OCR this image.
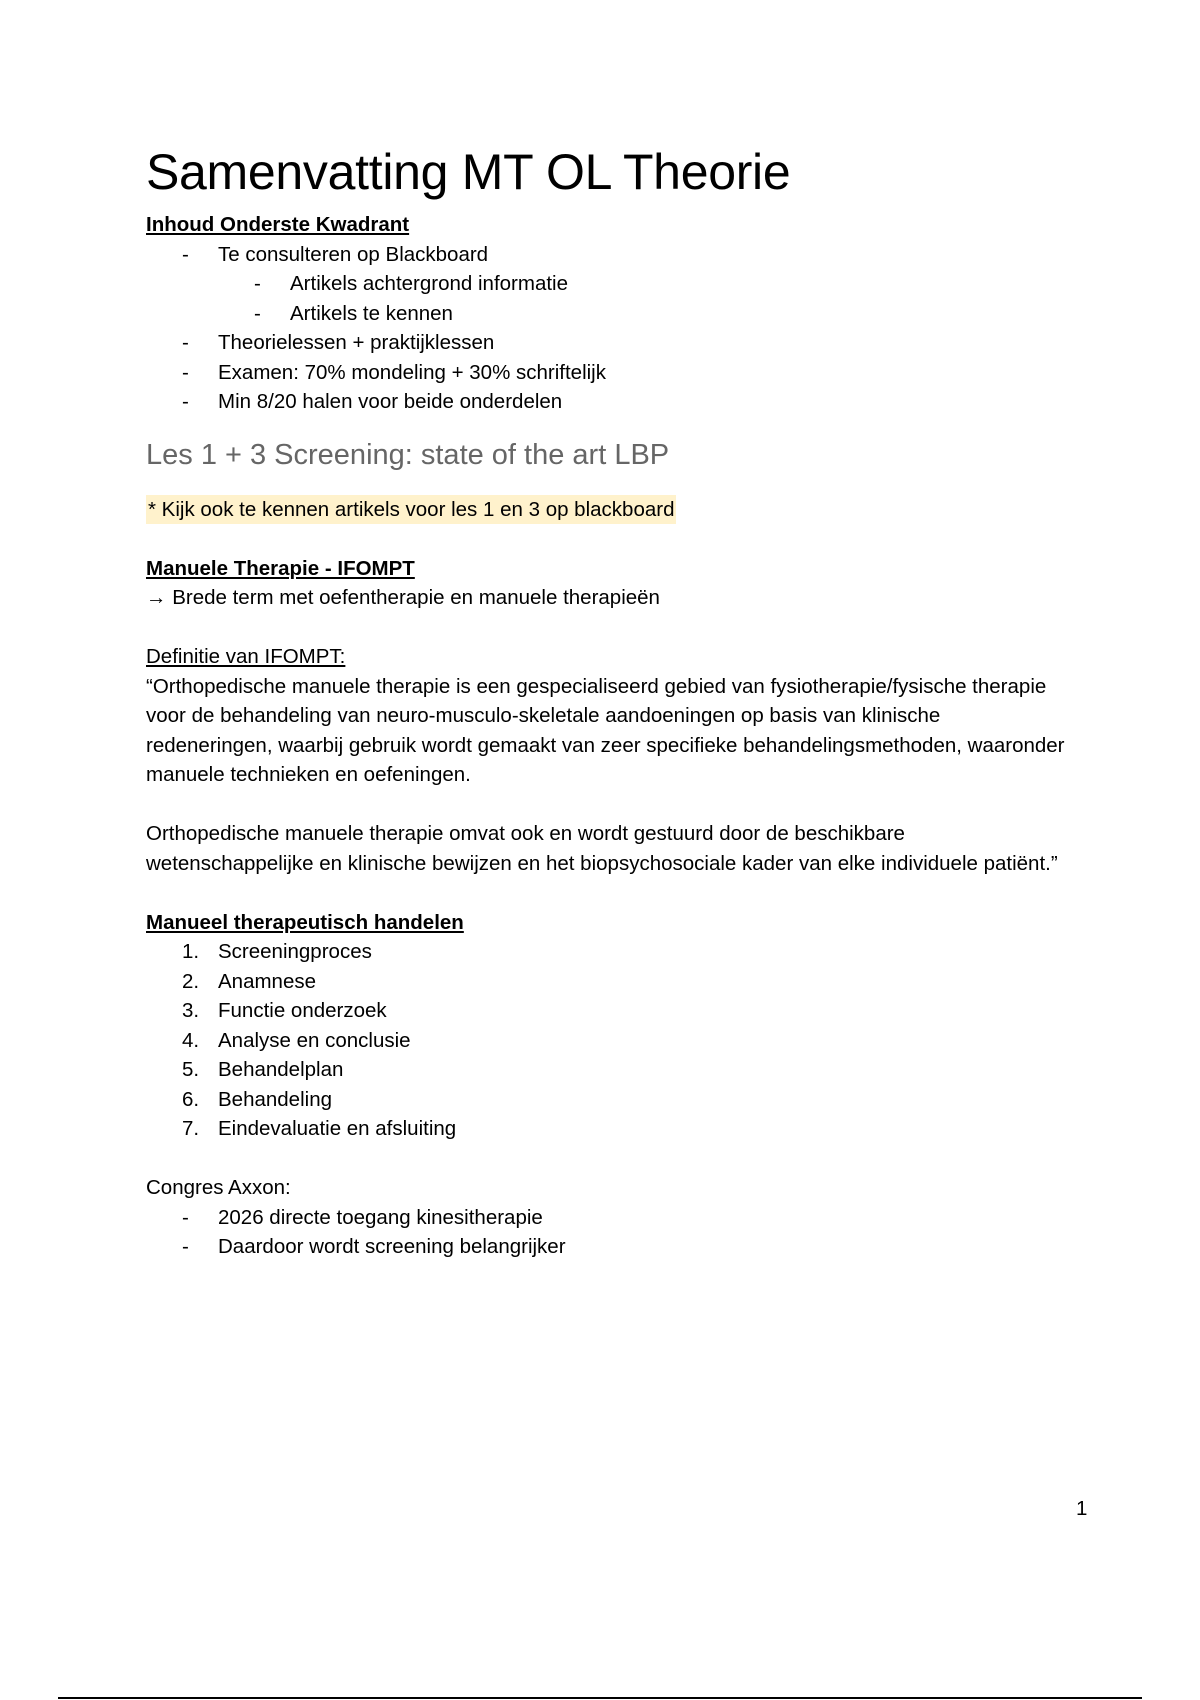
Samenvatting MT OL Theorie
Inhoud Onderste Kwadrant
- Te consulteren op Blackboard
- Artikels achtergrond informatie
- Artikels te kennen
- Theorielessen + praktijklessen
- Examen: 70% mondeling + 30% schriftelijk
- Min 8/20 halen voor beide onderdelen
Les 1 + 3 Screening: state of the art LBP
* Kijk ook te kennen artikels voor les 1 en 3 op blackboard
Manuele Therapie - IFOMPT
→ Brede term met oefentherapie en manuele therapieën
Definitie van IFOMPT:

“Orthopedische manuele therapie is een gespecialiseerd gebied van fysiotherapie/fysische therapie voor de behandeling van neuro-musculo-skeletale aandoeningen op basis van klinische redeneringen, waarbij gebruik wordt gemaakt van zeer specifieke behandelingsmethoden, waaronder manuele technieken en oefeningen.

Orthopedische manuele therapie omvat ook en wordt gestuurd door de beschikbare wetenschappelijke en klinische bewijzen en het biopsychosociale kader van elke individuele patiënt.”

Manueel therapeutisch handelen
1. Screeningproces
2. Anamnese
3. Functie onderzoek
4. Analyse en conclusie
5. Behandelplan
6. Behandeling
7. Eindevaluatie en afsluiting
Congres Axxon:
- 2026 directe toegang kinesitherapie
- Daardoor wordt screening belangrijker
1
